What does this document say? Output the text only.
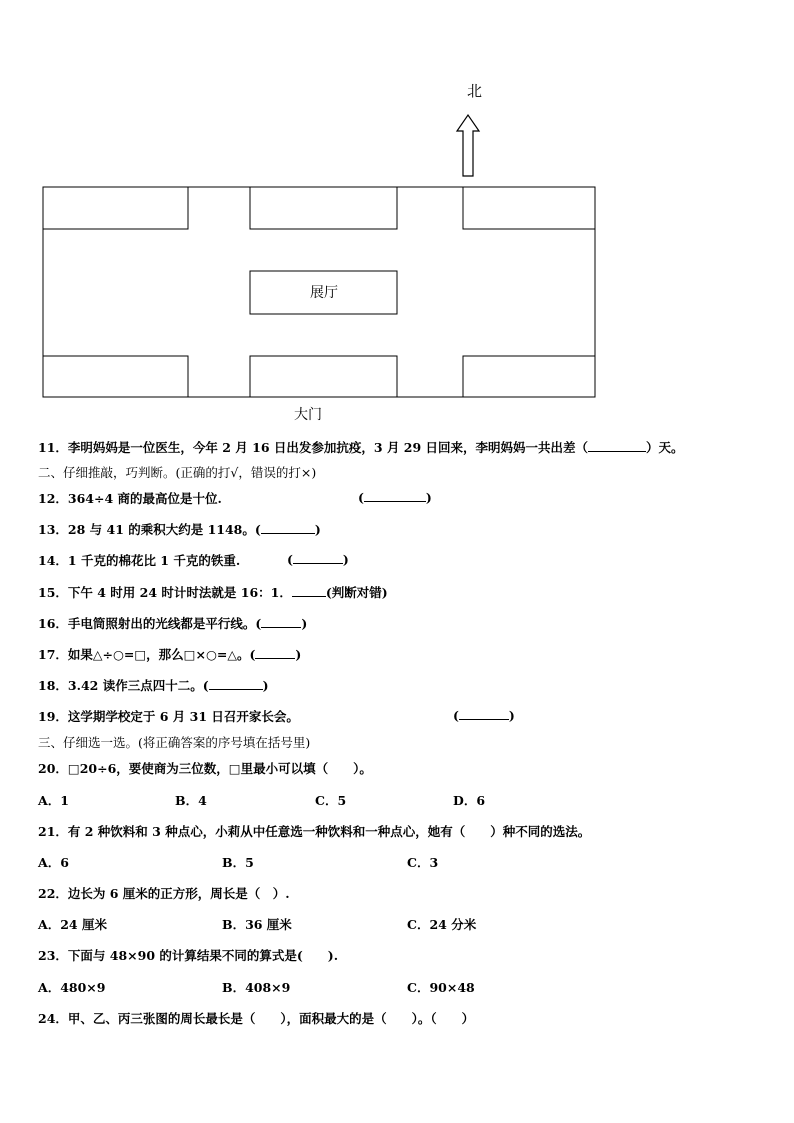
北
展厅
大门
11．李明妈妈是一位医生，今年 2 月 16 日出发参加抗疫，3 月 29 日回来，李明妈妈一共出差（	）天。
二、仔细推敲，巧判断。(正确的打√，错误的打×)
12．364÷4 商的最高位是十位.	(	)
13．28 与 41 的乘积大约是 1148。(	)
14．1 千克的棉花比 1 千克的铁重.	(	)
15．下午 4 时用 24 时计时法就是 16：1．	(判断对错)
16．手电筒照射出的光线都是平行线。(	)
17．如果△÷○=□，那么□×○=△。(	)
18．3.42 读作三点四十二。(	)
19．这学期学校定于 6 月 31 日召开家长会。	(	)
三、仔细选一选。(将正确答案的序号填在括号里)
20．□20÷6，要使商为三位数，□里最小可以填（　　）。
A．1	B．4	C．5	D．6
21．有 2 种饮料和 3 种点心，小莉从中任意选一种饮料和一种点心，她有（　　）种不同的选法。
A．6	B．5	C．3
22．边长为 6 厘米的正方形，周长是（　）.
A．24 厘米	B．36 厘米	C．24 分米
23．下面与 48×90 的计算结果不同的算式是(　　).
A．480×9	B．408×9	C．90×48
24．甲、乙、丙三张图的周长最长是（　　），面积最大的是（　　）。（　　）
